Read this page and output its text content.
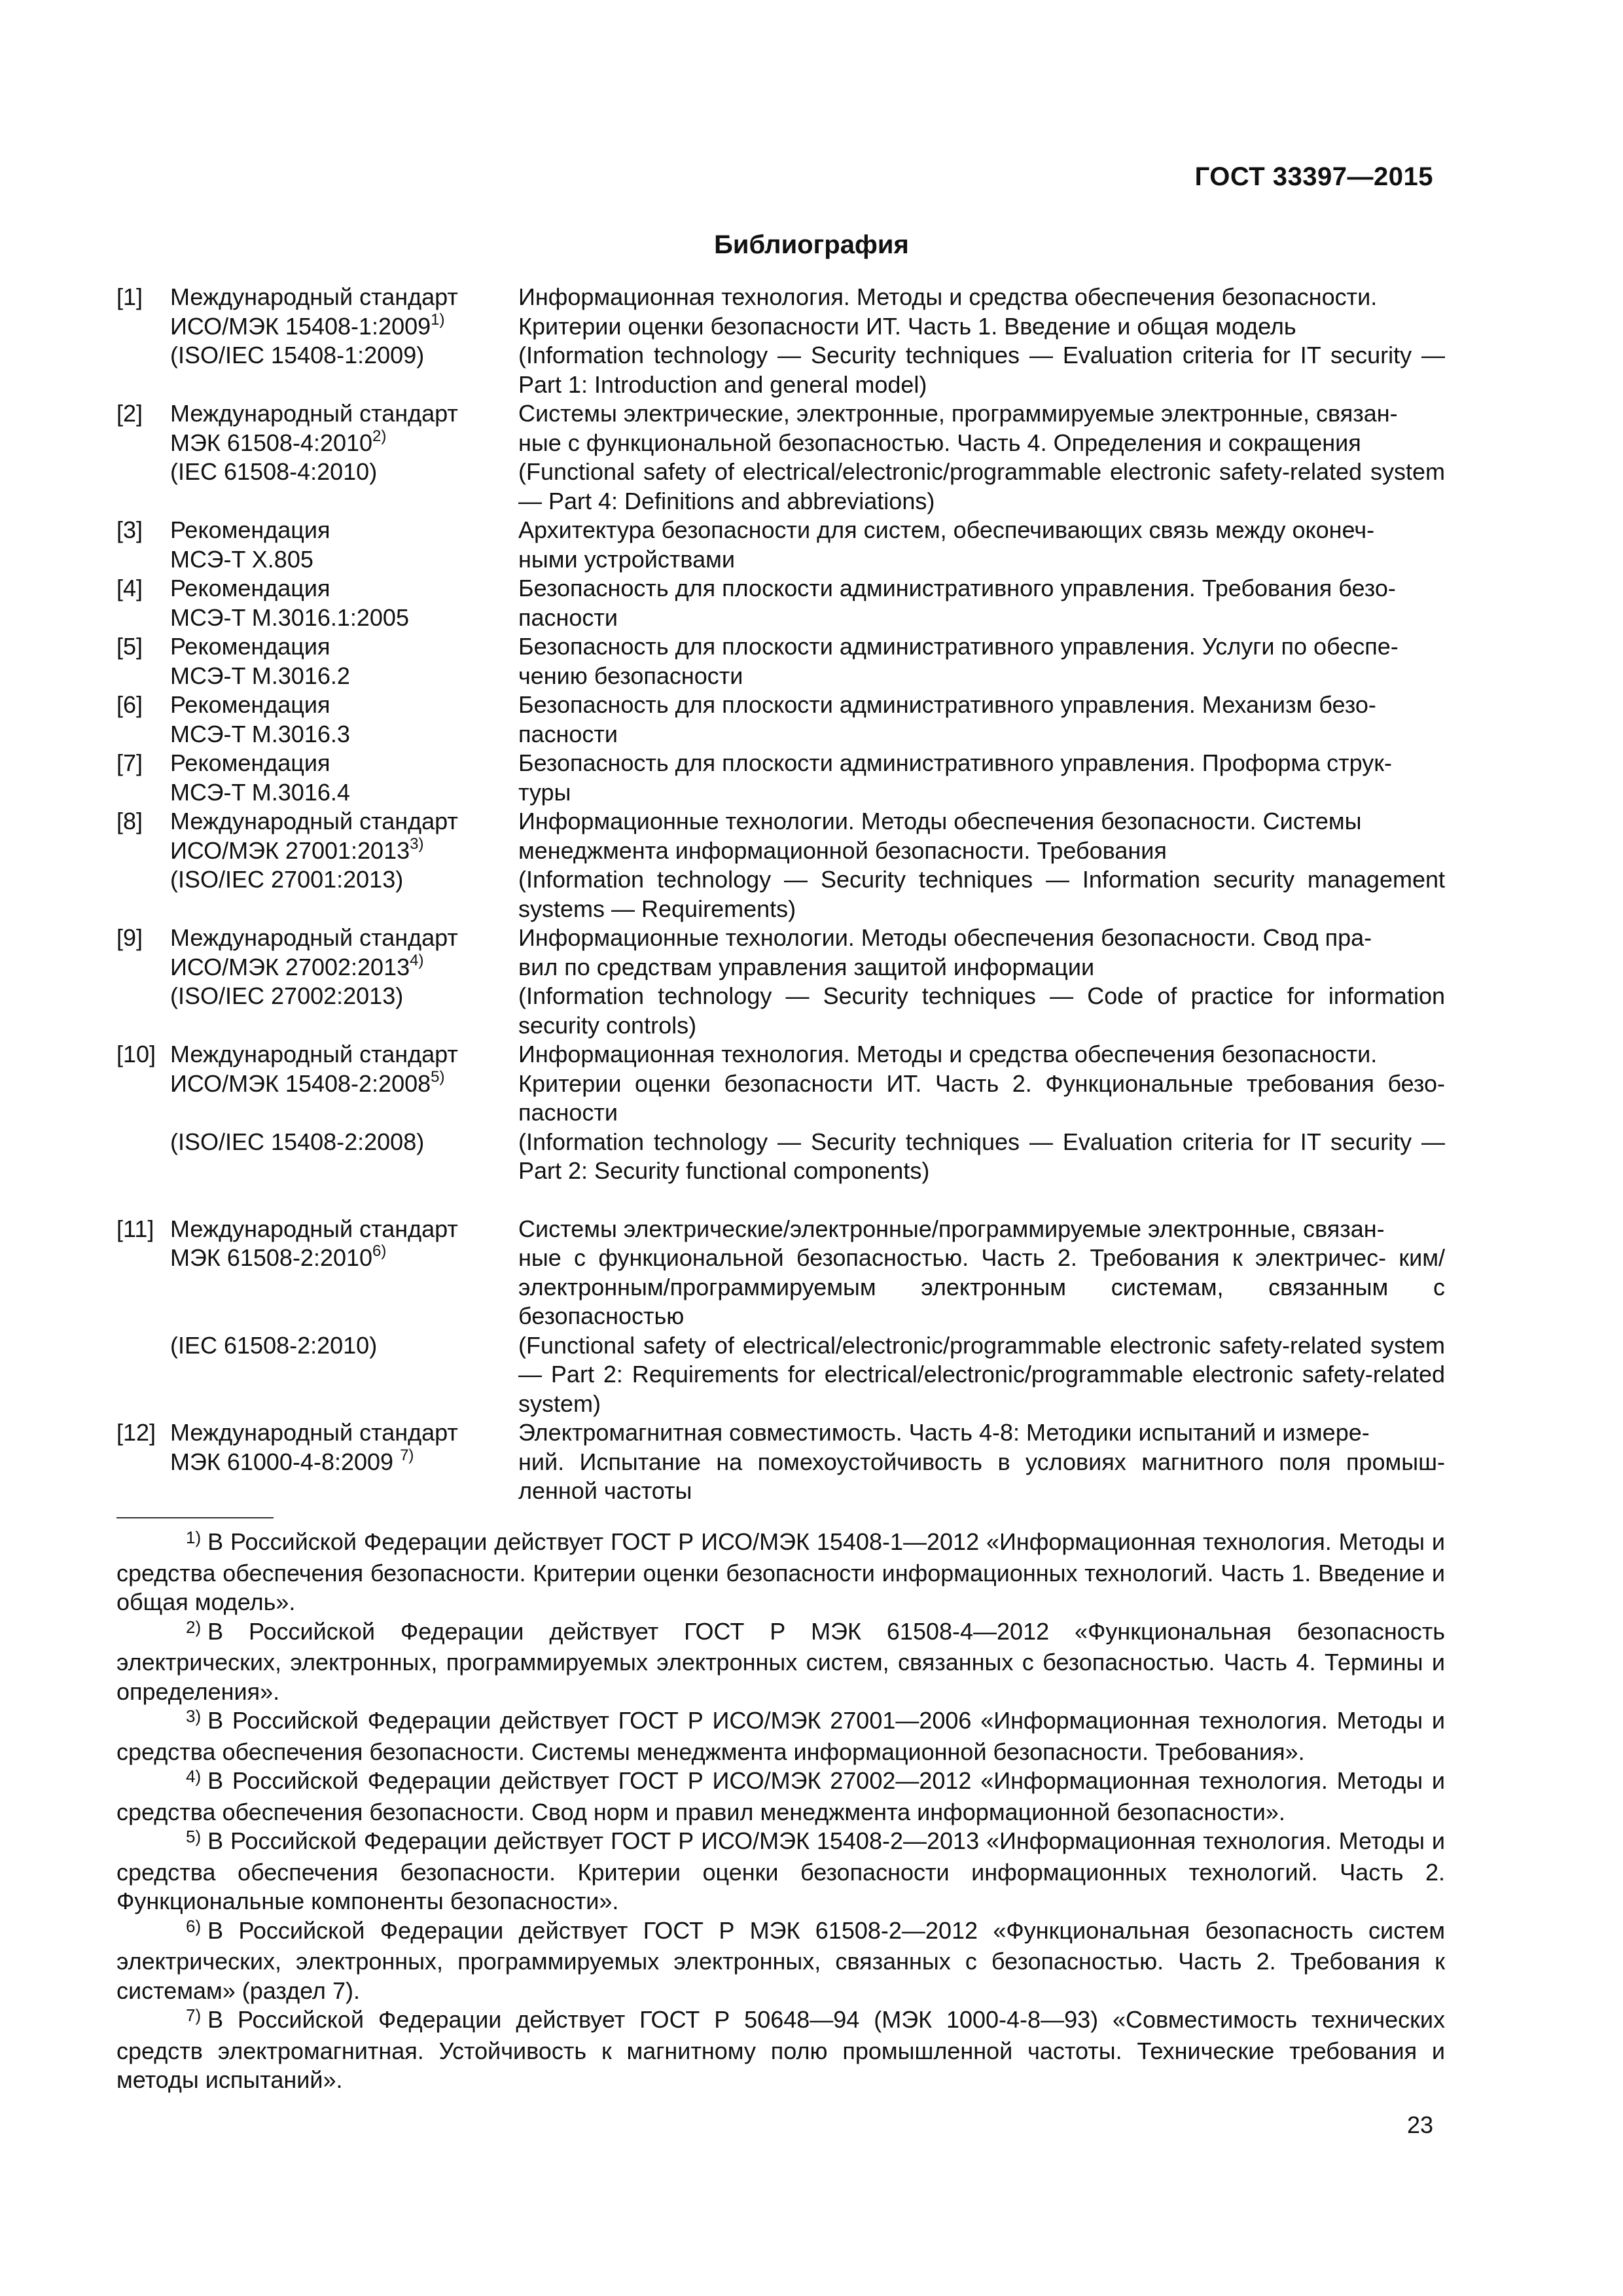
ГОСТ 33397—2015
Библиография
[1]	Международный стандарт	Информационная технология. Методы и средства обеспечения безопасности.
ИСО/МЭК 15408-1:2009$^{1)}$	Критерии оценки безопасности ИТ. Часть 1. Введение и общая модель
(ISO/IEC 15408-1:2009)	(Information technology — Security techniques — Evaluation criteria for IT security — Part 1: Introduction and general model)
[2]	Международный стандарт	Системы электрические, электронные, программируемые электронные, связан-
МЭК 61508-4:2010$^{2)}$	ные с функциональной безопасностью. Часть 4. Определения и сокращения
(IEC 61508-4:2010)	(Functional safety of electrical/electronic/programmable electronic safety-related system — Part 4: Definitions and abbreviations)
[3]	Рекомендация	Архитектура безопасности для систем, обеспечивающих связь между оконеч-
МСЭ-T X.805	ными устройствами
[4]	Рекомендация	Безопасность для плоскости административного управления. Требования безо-
МСЭ-T M.3016.1:2005	пасности
[5]	Рекомендация	Безопасность для плоскости административного управления. Услуги по обеспе-
МСЭ-T M.3016.2	чению безопасности
[6]	Рекомендация	Безопасность для плоскости административного управления. Механизм безо-
МСЭ-T M.3016.3	пасности
[7]	Рекомендация	Безопасность для плоскости административного управления. Проформа струк-
МСЭ-T M.3016.4	туры
[8]	Международный стандарт	Информационные технологии. Методы обеспечения безопасности. Системы
ИСО/МЭК 27001:2013$^{3)}$	менеджмента информационной безопасности. Требования
(ISO/IEC 27001:2013)	(Information technology — Security techniques — Information security management systems — Requirements)
[9]	Международный стандарт	Информационные технологии. Методы обеспечения безопасности. Свод пра-
ИСО/МЭК 27002:2013$^{4)}$	вил по средствам управления защитой информации
(ISO/IEC 27002:2013)	(Information technology — Security techniques — Code of practice for information security controls)
[10] Международный стандарт	Информационная технология. Методы и средства обеспечения безопасности.
ИСО/МЭК 15408-2:2008$^{5)}$	Критерии оценки безопасности ИТ. Часть 2. Функциональные требования безо- пасности
(ISO/IEC 15408-2:2008)	(Information technology — Security techniques — Evaluation criteria for IT security — Part 2: Security functional components)
[11] Международный стандарт	Системы электрические/электронные/программируемые электронные, связан-
МЭК 61508-2:2010$^{6)}$	ные с функциональной безопасностью. Часть 2. Требования к электричес- ким/электронным/программируемым электронным системам, связанным с безопасностью
(IEC 61508-2:2010)	(Functional safety of electrical/electronic/programmable electronic safety-related system — Part 2: Requirements for electrical/electronic/programmable electronic safety-related system)
[12] Международный стандарт	Электромагнитная совместимость. Часть 4-8: Методики испытаний и измере-
МЭК 61000-4-8:2009 $^{7)}$	ний. Испытание на помехоустойчивость в условиях магнитного поля промыш- ленной частоты
$^{1)}$ В Российской Федерации действует ГОСТ Р ИСО/МЭК 15408-1—2012 «Информационная технология. Методы и средства обеспечения безопасности. Критерии оценки безопасности информационных технологий. Часть 1. Введение и общая модель».
$^{2)}$ В Российской Федерации действует ГОСТ Р МЭК 61508-4—2012 «Функциональная безопасность электрических, электронных, программируемых электронных систем, связанных с безопасностью. Часть 4. Термины и определения».
$^{3)}$ В Российской Федерации действует ГОСТ Р ИСО/МЭК 27001—2006 «Информационная технология. Методы и средства обеспечения безопасности. Системы менеджмента информационной безопасности. Требования».
$^{4)}$ В Российской Федерации действует ГОСТ Р ИСО/МЭК 27002—2012 «Информационная технология. Методы и средства обеспечения безопасности. Свод норм и правил менеджмента информационной безопасности».
$^{5)}$ В Российской Федерации действует ГОСТ Р ИСО/МЭК 15408-2—2013 «Информационная технология. Методы и средства обеспечения безопасности. Критерии оценки безопасности информационных технологий. Часть 2. Функциональные компоненты безопасности».
$^{6)}$ В Российской Федерации действует ГОСТ Р МЭК 61508-2—2012 «Функциональная безопасность систем электрических, электронных, программируемых электронных, связанных с безопасностью. Часть 2. Требования к системам» (раздел 7).
$^{7)}$ В Российской Федерации действует ГОСТ Р 50648—94 (МЭК 1000-4-8—93) «Совместимость технических средств электромагнитная. Устойчивость к магнитному полю промышленной частоты. Технические требования и методы испытаний».
23
